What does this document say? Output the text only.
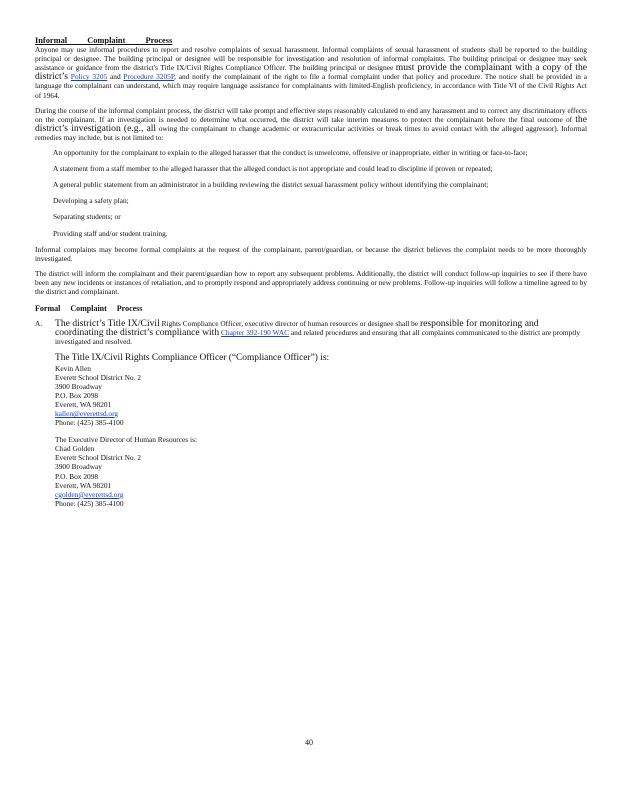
Informal Complaint Process

Anyone may use informal procedures to report and resolve complaints of sexual harassment. Informal complaints of sexual harassment of students shall be reported to the building principal or designee. The building principal or designee will be responsible for investigation and resolution of informal complaints. The building principal or designee may seek assistance or guidance from the district's Title IX/Civil Rights Compliance Officer. The building principal or designee must provide the complainant with a copy of the district’s Policy 3205 and Procedure 3205P, and notify the complainant of the right to file a formal complaint under that policy and procedure. The notice shall be provided in a language the complainant can understand, which may require language assistance for complainants with limited-English proficiency, in accordance with Title VI of the Civil Rights Act of 1964.

During the course of the informal complaint process, the district will take prompt and effective steps reasonably calculated to end any harassment and to correct any discriminatory effects on the complainant. If an investigation is needed to determine what occurred, the district will take interim measures to protect the complainant before the final outcome of the district’s investigation (e.g., all owing the complainant to change academic or extracurricular activities or break times to avoid contact with the alleged aggressor). Informal remedies may include, but is not limited to:

An opportunity for the complainant to explain to the alleged harasser that the conduct is unwelcome, offensive or inappropriate, either in writing or face-to-face;
A statement from a staff member to the alleged harasser that the alleged conduct is not appropriate and could lead to discipline if proven or repeated;
A general public statement from an administrator in a building reviewing the district sexual harassment policy without identifying the complainant;
Developing a safety plan;
Separating students; or
Providing staff and/or student training.

Informal complaints may become formal complaints at the request of the complainant, parent/guardian, or because the district believes the complaint needs to be more thoroughly investigated.

The district will inform the complainant and their parent/guardian how to report any subsequent problems. Additionally, the district will conduct follow-up inquiries to see if there have been any new incidents or instances of retaliation, and to promptly respond and appropriately address continuing or new problems. Follow-up inquiries will follow a timeline agreed to by the district and complainant.

Formal Complaint Process
A.	The district’s Title IX/Civil Rights Compliance Officer, executive director of human resources or designee shall be responsible for monitoring and coordinating the district’s compliance with Chapter 392-190 WAC and related procedures and ensuring that all complaints communicated to the district are promptly investigated and resolved.
The Title IX/Civil Rights Compliance Officer (“Compliance Officer”) is:
Kevin Allen
Everett School District No. 2
3900 Broadway
P.O. Box 2098
Everett, WA 98201
kallen@everettsd.org
Phone: (425) 385-4100
The Executive Director of Human Resources is:
Chad Golden
Everett School District No. 2
3900 Broadway
P.O. Box 2098
Everett, WA 98201
cgolden@everettsd.org
Phone: (425) 385-4100
40
